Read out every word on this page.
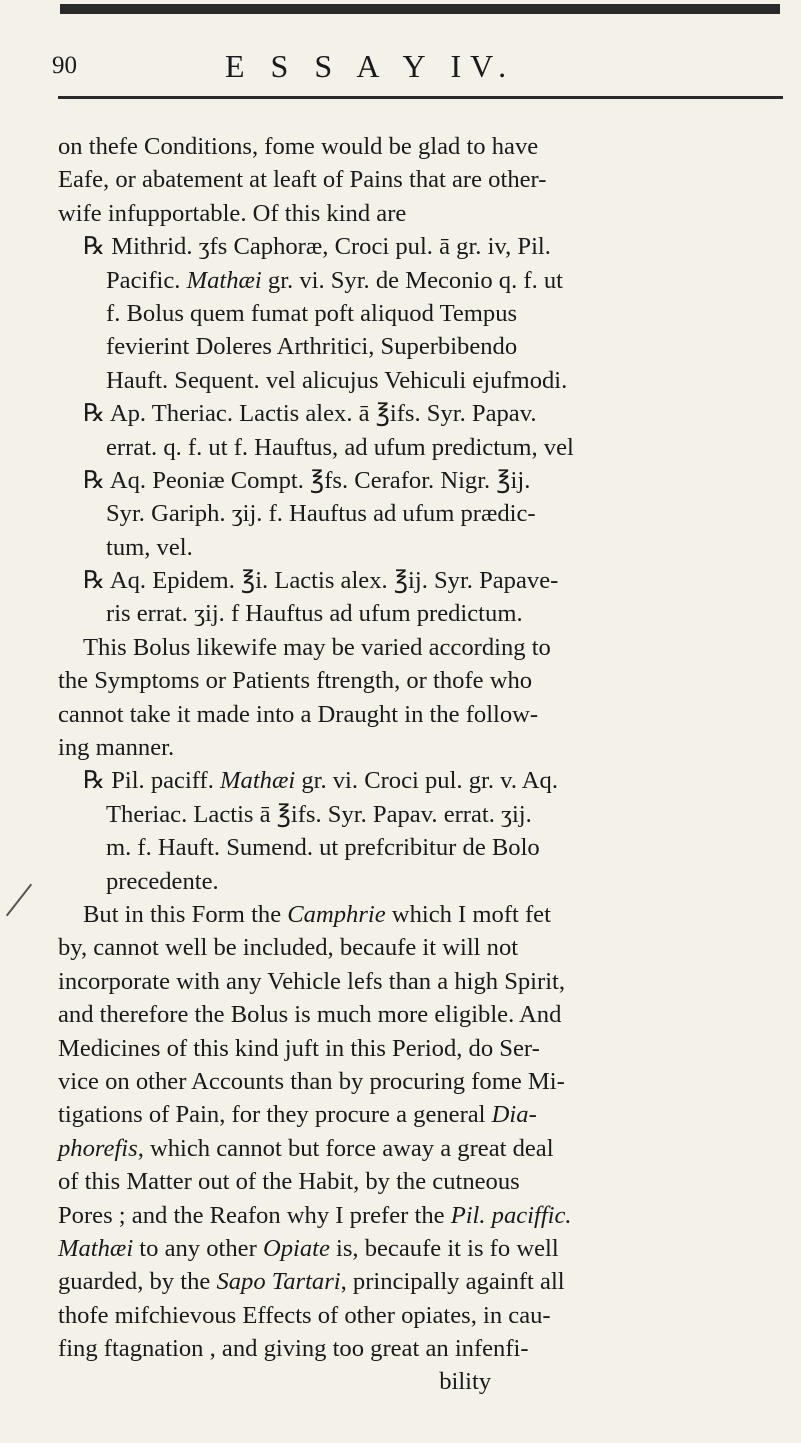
90	E S S A Y IV.
on thefe Conditions, fome would be glad to have
Eafe, or abatement at leaft of Pains that are other-
wife infupportable. Of this kind are
℞ Mithrid. ʒfs Caphoræ, Croci pul. ā gr. iv, Pil.
Pacific. Mathæi gr. vi. Syr. de Meconio q. f. ut
f. Bolus quem fumat poft aliquod Tempus
fevierint Doleres Arthritici, Superbibendo
Hauft. Sequent. vel alicujus Vehiculi ejufmodi.
℞ Ap. Theriac. Lactis alex. ā ℥ifs. Syr. Papav.
errat. q. f. ut f. Hauftus, ad ufum predictum, vel
℞ Aq. Peoniæ Compt. ℥fs. Cerafor. Nigr. ℥ij.
Syr. Gariph. ʒij. f. Hauftus ad ufum prædic-
tum, vel.
℞ Aq. Epidem. ℥i. Lactis alex. ℥ij. Syr. Papave-
ris errat. ʒij. f Hauftus ad ufum predictum.
This Bolus likewife may be varied according to
the Symptoms or Patients ftrength, or thofe who
cannot take it made into a Draught in the follow-
ing manner.
℞ Pil. paciff. Mathæi gr. vi. Croci pul. gr. v. Aq.
Theriac. Lactis ā ℥ifs. Syr. Papav. errat. ʒij.
m. f. Hauft. Sumend. ut prefcribitur de Bolo
precedente.
But in this Form the Camphrie which I moft fet
by, cannot well be included, becaufe it will not
incorporate with any Vehicle lefs than a high Spirit,
and therefore the Bolus is much more eligible. And
Medicines of this kind juft in this Period, do Ser-
vice on other Accounts than by procuring fome Mi-
tigations of Pain, for they procure a general Dia-
phorefis, which cannot but force away a great deal
of this Matter out of the Habit, by the cutneous
Pores ; and the Reafon why I prefer the Pil. paciffic.
Mathæi to any other Opiate is, becaufe it is fo well
guarded, by the Sapo Tartari, principally againft all
thofe mifchievous Effects of other opiates, in cau-
fing ftagnation , and giving too great an infenfi-
bility
